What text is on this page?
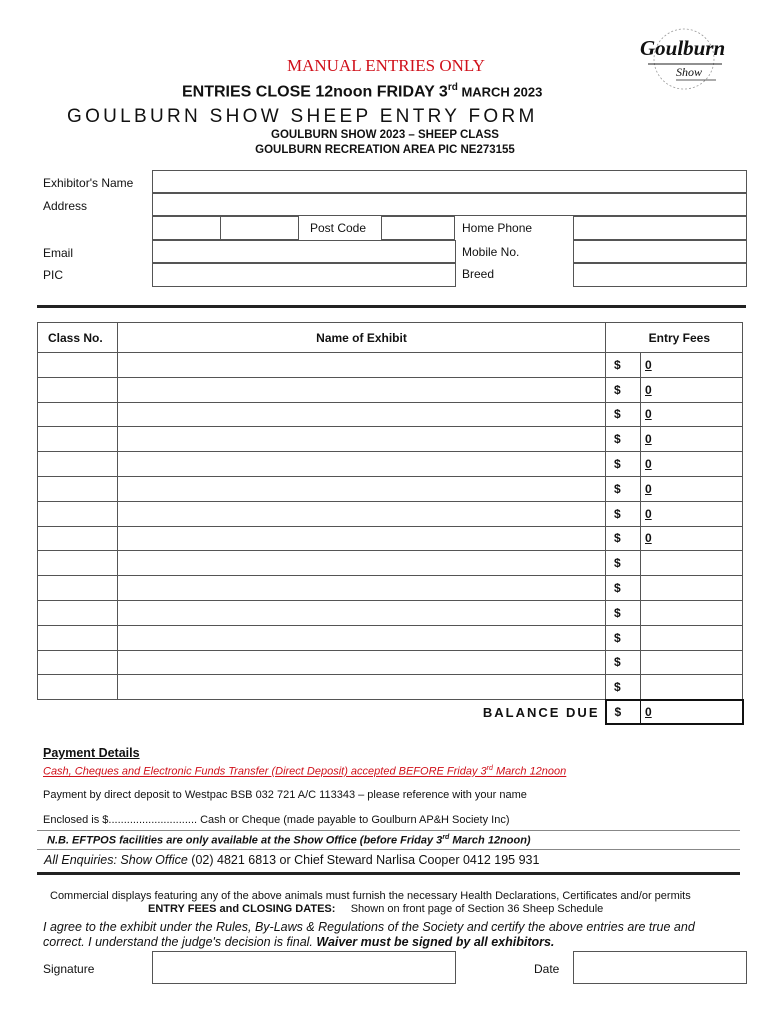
MANUAL ENTRIES ONLY
ENTRIES CLOSE 12noon FRIDAY 3rd MARCH 2023
GOULBURN SHOW SHEEP ENTRY FORM
GOULBURN SHOW 2023 – SHEEP CLASS
GOULBURN RECREATION AREA PIC NE273155
Goulburn
Show
Exhibitor's Name
Address
Post Code	Home Phone
Email	Mobile No.
PIC	Breed
Class No.	Name of Exhibit	Entry Fees	
		$	0
		$	0
		$	0
		$	0
		$	0
		$	0
		$	0
		$	0
		$	
		$	
		$	
		$	
		$	
		$	
BALANCE DUE		$	0
Payment Details
Cash, Cheques and Electronic Funds Transfer (Direct Deposit) accepted BEFORE Friday 3rd March 12noon
Payment by direct deposit to Westpac BSB 032 721 A/C 113343 – please reference with your name
Enclosed is $............................. Cash or Cheque (made payable to Goulburn AP&H Society Inc)
N.B. EFTPOS facilities are only available at the Show Office (before Friday 3rd March 12noon)
All Enquiries: Show Office (02) 4821 6813 or Chief Steward Narlisa Cooper 0412 195 931
Commercial displays featuring any of the above animals must furnish the necessary Health Declarations, Certificates and/or permits
ENTRY FEES and CLOSING DATES: Shown on front page of Section 36 Sheep Schedule
I agree to the exhibit under the Rules, By-Laws & Regulations of the Society and certify the above entries are true and
correct. I understand the judge's decision is final. Waiver must be signed by all exhibitors.
Signature	Date
